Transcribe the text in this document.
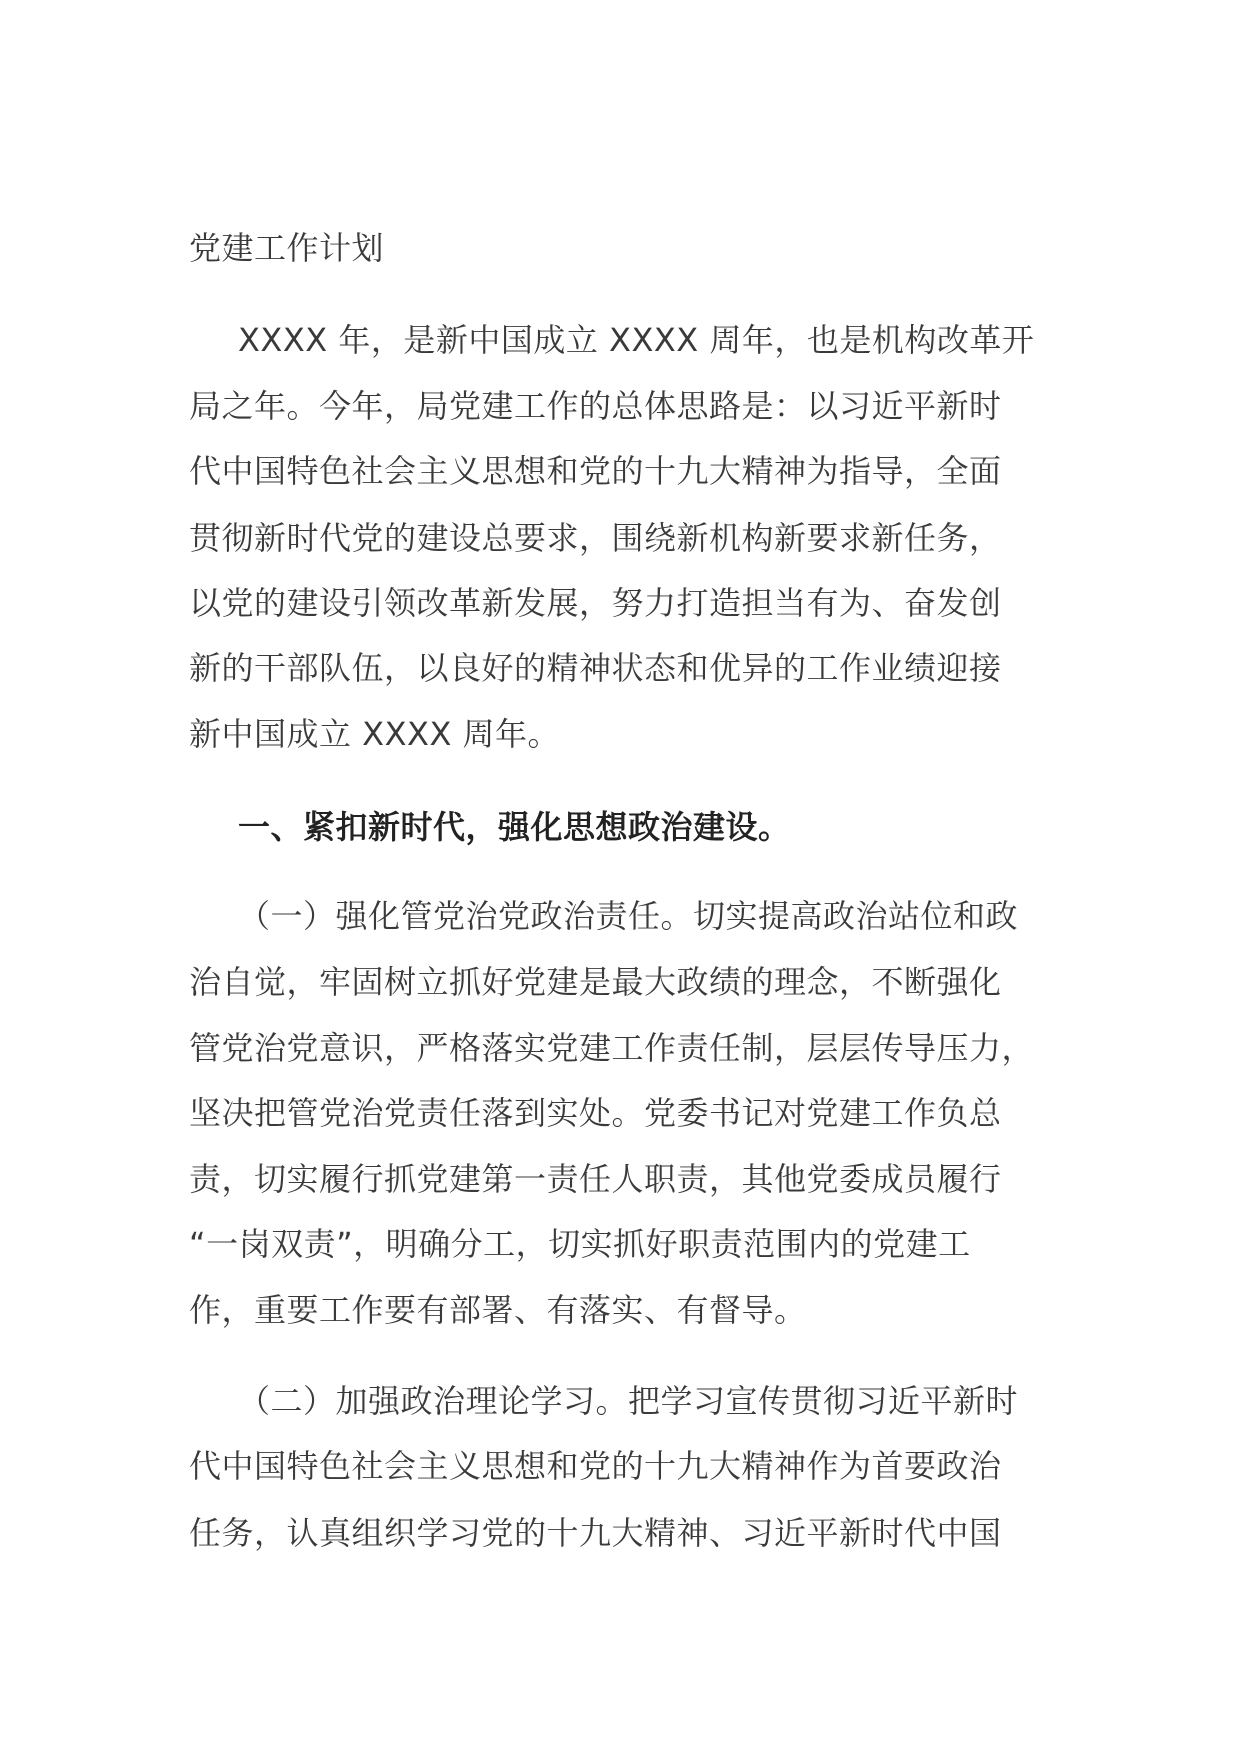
党建工作计划
XXXX 年，是新中国成立 XXXX 周年，也是机构改革开
局之年。今年，局党建工作的总体思路是：以习近平新时
代中国特色社会主义思想和党的十九大精神为指导，全面
贯彻新时代党的建设总要求，围绕新机构新要求新任务，
以党的建设引领改革新发展，努力打造担当有为、奋发创
新的干部队伍，以良好的精神状态和优异的工作业绩迎接
新中国成立 XXXX 周年。
一、紧扣新时代，强化思想政治建设。
（一）强化管党治党政治责任。切实提高政治站位和政
治自觉，牢固树立抓好党建是最大政绩的理念，不断强化
管党治党意识，严格落实党建工作责任制，层层传导压力，
坚决把管党治党责任落到实处。党委书记对党建工作负总
责，切实履行抓党建第一责任人职责，其他党委成员履行
“一岗双责”，明确分工，切实抓好职责范围内的党建工
作，重要工作要有部署、有落实、有督导。
（二）加强政治理论学习。把学习宣传贯彻习近平新时
代中国特色社会主义思想和党的十九大精神作为首要政治
任务，认真组织学习党的十九大精神、习近平新时代中国
